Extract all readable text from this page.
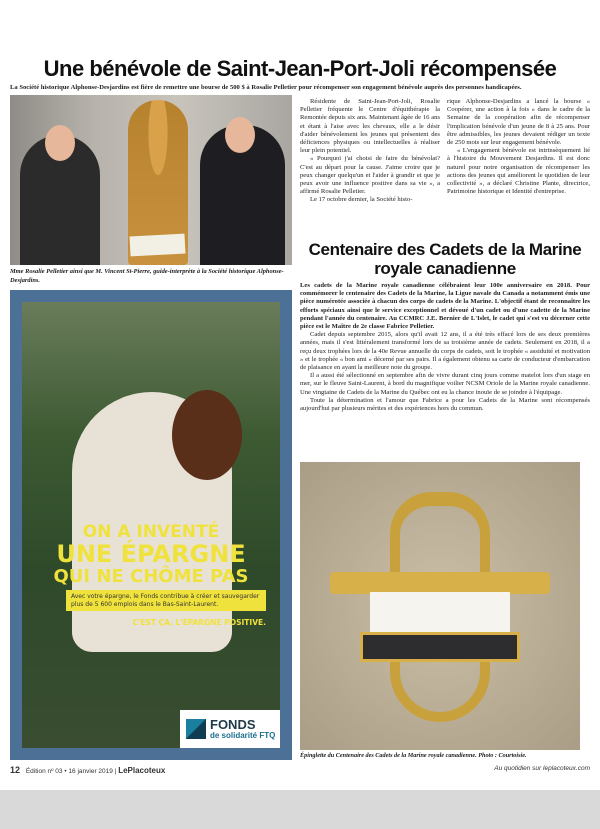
Une bénévole de Saint-Jean-Port-Joli récompensée
La Société historique Alphonse-Desjardins est fière de remettre une bourse de 500 $ à Rosalie Pelletier pour récompenser son engagement bénévole auprès des personnes handicapées.
Mme Rosalie Pelletier ainsi que M. Vincent St-Pierre, guide-interprète à la Société historique Alphonse-Desjardins.

Résidente de Saint-Jean-Port-Joli, Rosalie Pelletier fréquente le Centre d'équithérapie la Remontée depuis six ans. Maintenant âgée de 16 ans et étant à l'aise avec les chevaux, elle a le désir d'aider bénévolement les jeunes qui présentent des déficiences physiques ou intellectuelles à réaliser leur plein potentiel.

« Pourquoi j'ai choisi de faire du bénévolat? C'est au départ pour la cause. J'aime croire que je peux changer quelqu'un et l'aider à grandir et que je peux avoir une influence positive dans sa vie », a affirmé Rosalie Pelletier.

Le 17 octobre dernier, la Société histo-

rique Alphonse-Desjardins a lancé la bourse « Coopérer, une action à la fois » dans le cadre de la Semaine de la coopération afin de récompenser l'implication bénévole d'un jeune de 8 à 25 ans. Pour être admissibles, les jeunes devaient rédiger un texte de 250 mots sur leur engagement bénévole.

« L'engagement bénévole est intrinsèquement lié à l'histoire du Mouvement Desjardins. Il est donc naturel pour notre organisation de récompenser les actions des jeunes qui améliorent le quotidien de leur collectivité », a déclaré Christine Plante, directrice, Patrimoine historique et Identité d'entreprise.

Centenaire des Cadets de la Marine royale canadienne

Les cadets de la Marine royale canadienne célébraient leur 100e anniversaire en 2018. Pour commémorer le centenaire des Cadets de la Marine, la Ligue navale du Canada a notamment émis une pièce numérotée associée à chacun des corps de cadets de la Marine. L'objectif étant de reconnaître les efforts spéciaux ainsi que le service exceptionnel et dévoué d'un cadet ou d'une cadette de la Marine pendant l'année du centenaire. Au CCMRC J.E. Bernier de L'Islet, le cadet qui s'est vu décerner cette pièce est le Maître de 2e classe Fabrice Pelletier.

Cadet depuis septembre 2015, alors qu'il avait 12 ans, il a été très effacé lors de ses deux premières années, mais il s'est littéralement transformé lors de sa troisième année de cadets. Seulement en 2018, il a reçu deux trophées lors de la 40e Revue annuelle du corps de cadets, soit le trophée « assiduité et motivation » et le trophée « bon ami » décerné par ses pairs. Il a également obtenu sa carte de conducteur d'embarcation de plaisance en ayant la meilleure note du groupe.

Il a aussi été sélectionné en septembre afin de vivre durant cinq jours comme matelot lors d'un stage en mer, sur le fleuve Saint-Laurent, à bord du magnifique voilier NCSM Oriole de la Marine royale canadienne. Une vingtaine de Cadets de la Marine du Québec ont eu la chance inouïe de se joindre à l'équipage.

Toute la détermination et l'amour que Fabrice a pour les Cadets de la Marine sont récompensés aujourd'hui par plusieurs mérites et des expériences hors du commun.

ON A INVENTÉ
UNE ÉPARGNE
QUI NE CHÔME PAS
Avec votre épargne, le Fonds contribue à créer et sauvegarder plus de 5 600 emplois dans le Bas-Saint-Laurent.
C'EST ÇA, L'ÉPARGNE POSITIVE.
FONDS
de solidarité FTQ
Épinglette du Centenaire des Cadets de la Marine royale canadienne. Photo : Courtoisie.
12 Édition nº 03 • 16 janvier 2019 | LePlacoteux	Au quotidien sur leplacoteux.com
